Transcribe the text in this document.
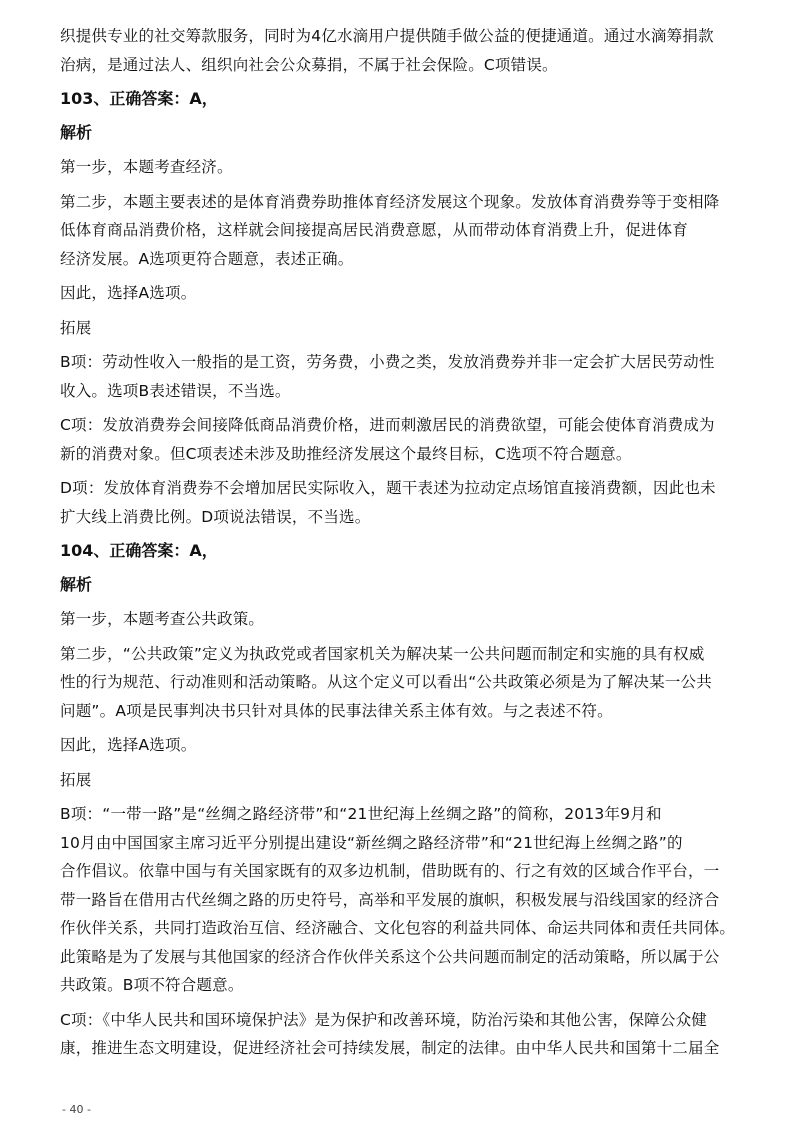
织提供专业的社交筹款服务，同时为4亿水滴用户提供随手做公益的便捷通道。通过水滴筹捐款
治病，是通过法人、组织向社会公众募捐，不属于社会保险。C项错误。
103、正确答案：A，
解析
第一步，本题考查经济。
第二步，本题主要表述的是体育消费券助推体育经济发展这个现象。发放体育消费券等于变相降
低体育商品消费价格，这样就会间接提高居民消费意愿，从而带动体育消费上升，促进体育
经济发展。A选项更符合题意，表述正确。
因此，选择A选项。
拓展
B项：劳动性收入一般指的是工资，劳务费，小费之类，发放消费券并非一定会扩大居民劳动性
收入。选项B表述错误，不当选。
C项：发放消费券会间接降低商品消费价格，进而刺激居民的消费欲望，可能会使体育消费成为
新的消费对象。但C项表述未涉及助推经济发展这个最终目标，C选项不符合题意。
D项：发放体育消费券不会增加居民实际收入，题干表述为拉动定点场馆直接消费额，因此也未
扩大线上消费比例。D项说法错误，不当选。
104、正确答案：A，
解析
第一步，本题考查公共政策。
第二步，“公共政策”定义为执政党或者国家机关为解决某一公共问题而制定和实施的具有权威
性的行为规范、行动准则和活动策略。从这个定义可以看出“公共政策必须是为了解决某一公共
问题”。A项是民事判决书只针对具体的民事法律关系主体有效。与之表述不符。
因此，选择A选项。
拓展
B项：“一带一路”是“丝绸之路经济带”和“21世纪海上丝绸之路”的简称，2013年9月和
10月由中国国家主席习近平分别提出建设“新丝绸之路经济带”和“21世纪海上丝绸之路”的
合作倡议。依靠中国与有关国家既有的双多边机制，借助既有的、行之有效的区域合作平台，一
带一路旨在借用古代丝绸之路的历史符号，高举和平发展的旗帜，积极发展与沿线国家的经济合
作伙伴关系，共同打造政治互信、经济融合、文化包容的利益共同体、命运共同体和责任共同体。
此策略是为了发展与其他国家的经济合作伙伴关系这个公共问题而制定的活动策略，所以属于公
共政策。B项不符合题意。
C项：《中华人民共和国环境保护法》是为保护和改善环境，防治污染和其他公害，保障公众健
康，推进生态文明建设，促进经济社会可持续发展，制定的法律。由中华人民共和国第十二届全
- 40 -
